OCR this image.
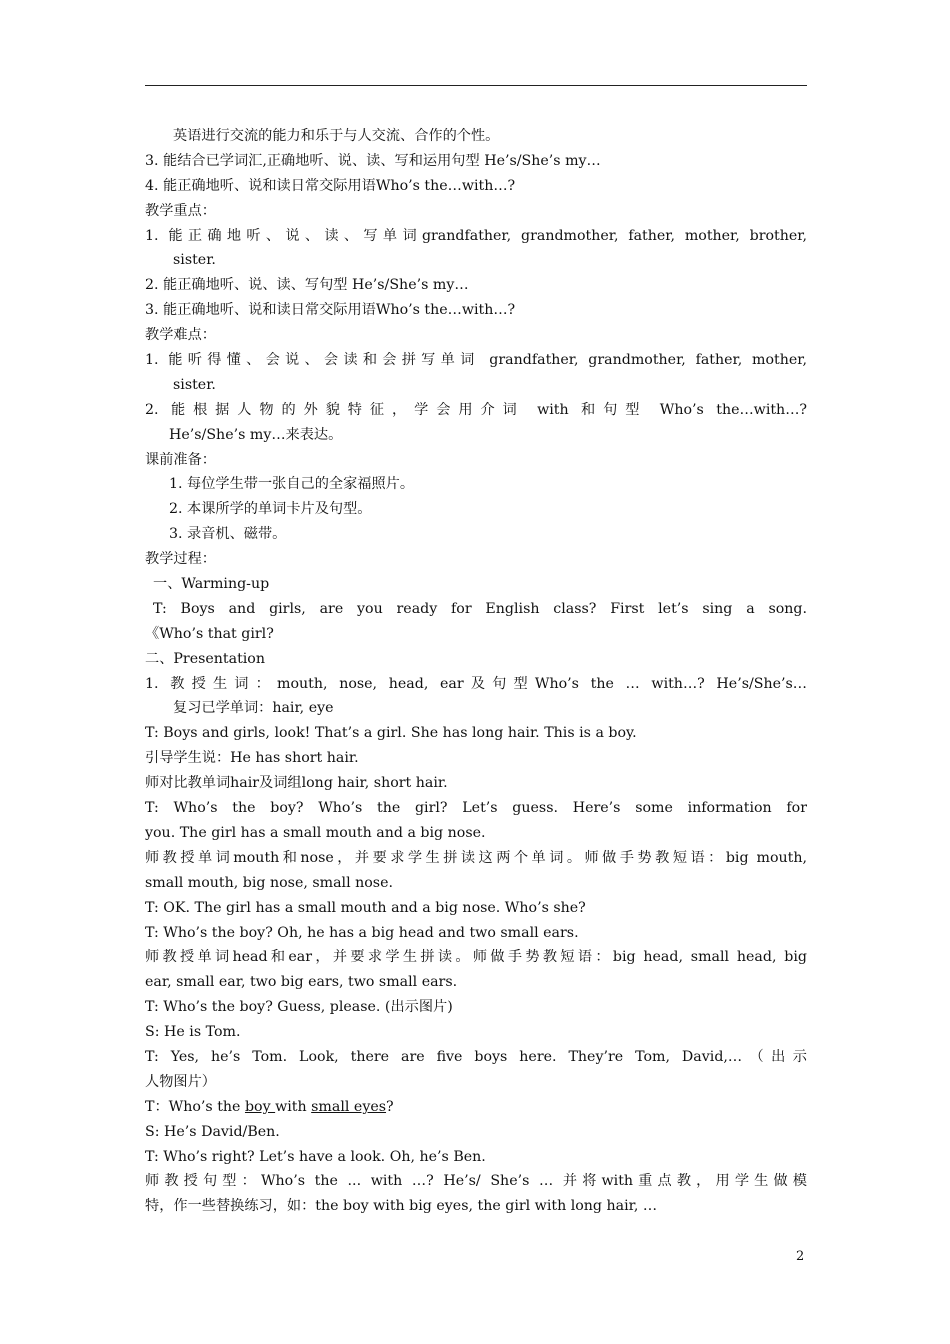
英语进行交流的能力和乐于与人交流、合作的个性。
3. 能结合已学词汇,正确地听、说、读、写和运用句型 He’s/She’s my…
4. 能正确地听、说和读日常交际用语Who’s the…with…?
教学重点：
1. 能正确地听、说、读、写单词grandfather, grandmother, father, mother, brother,
sister.
2. 能正确地听、说、读、写句型 He’s/She’s my…
3. 能正确地听、说和读日常交际用语Who’s the…with…?
教学难点：
1. 能听得懂、会说、会读和会拼写单词 grandfather, grandmother, father, mother,
sister.
2. 能根据人物的外貌特征，学会用介词 with 和句型 Who’s the…with…?
He’s/She’s my…来表达。
课前准备：
1. 每位学生带一张自己的全家福照片。
2. 本课所学的单词卡片及句型。
3. 录音机、磁带。
教学过程：
一、Warming-up
T: Boys and girls, are you ready for English class? First let’s sing a song.
《Who’s that girl?
二、Presentation
1. 教授生词：mouth, nose, head, ear及句型Who’s the … with…? He’s/She’s…
复习已学单词：hair, eye
T: Boys and girls, look! That’s a girl. She has long hair. This is a boy.
引导学生说：He has short hair.
师对比教单词hair及词组long hair, short hair.
T: Who’s the boy? Who’s the girl? Let’s guess. Here’s some information for
you. The girl has a small mouth and a big nose.
师教授单词mouth和nose，并要求学生拼读这两个单词。师做手势教短语：big mouth,
small mouth, big nose, small nose.
T: OK. The girl has a small mouth and a big nose. Who’s she?
T: Who’s the boy? Oh, he has a big head and two small ears.
师教授单词head和ear，并要求学生拼读。师做手势教短语：big head, small head, big
ear, small ear, two big ears, two small ears.
T: Who’s the boy? Guess, please. (出示图片)
S: He is Tom.
T: Yes, he’s Tom. Look, there are five boys here. They’re Tom, David,…（出示
人物图片）
T：Who’s the boy with small eyes?
S: He’s David/Ben.
T: Who’s right? Let’s have a look. Oh, he’s Ben.
师教授句型：Who’s the ... with …? He’s/ She’s … 并将with重点教，用学生做模
特，作一些替换练习，如：the boy with big eyes, the girl with long hair, …
2
